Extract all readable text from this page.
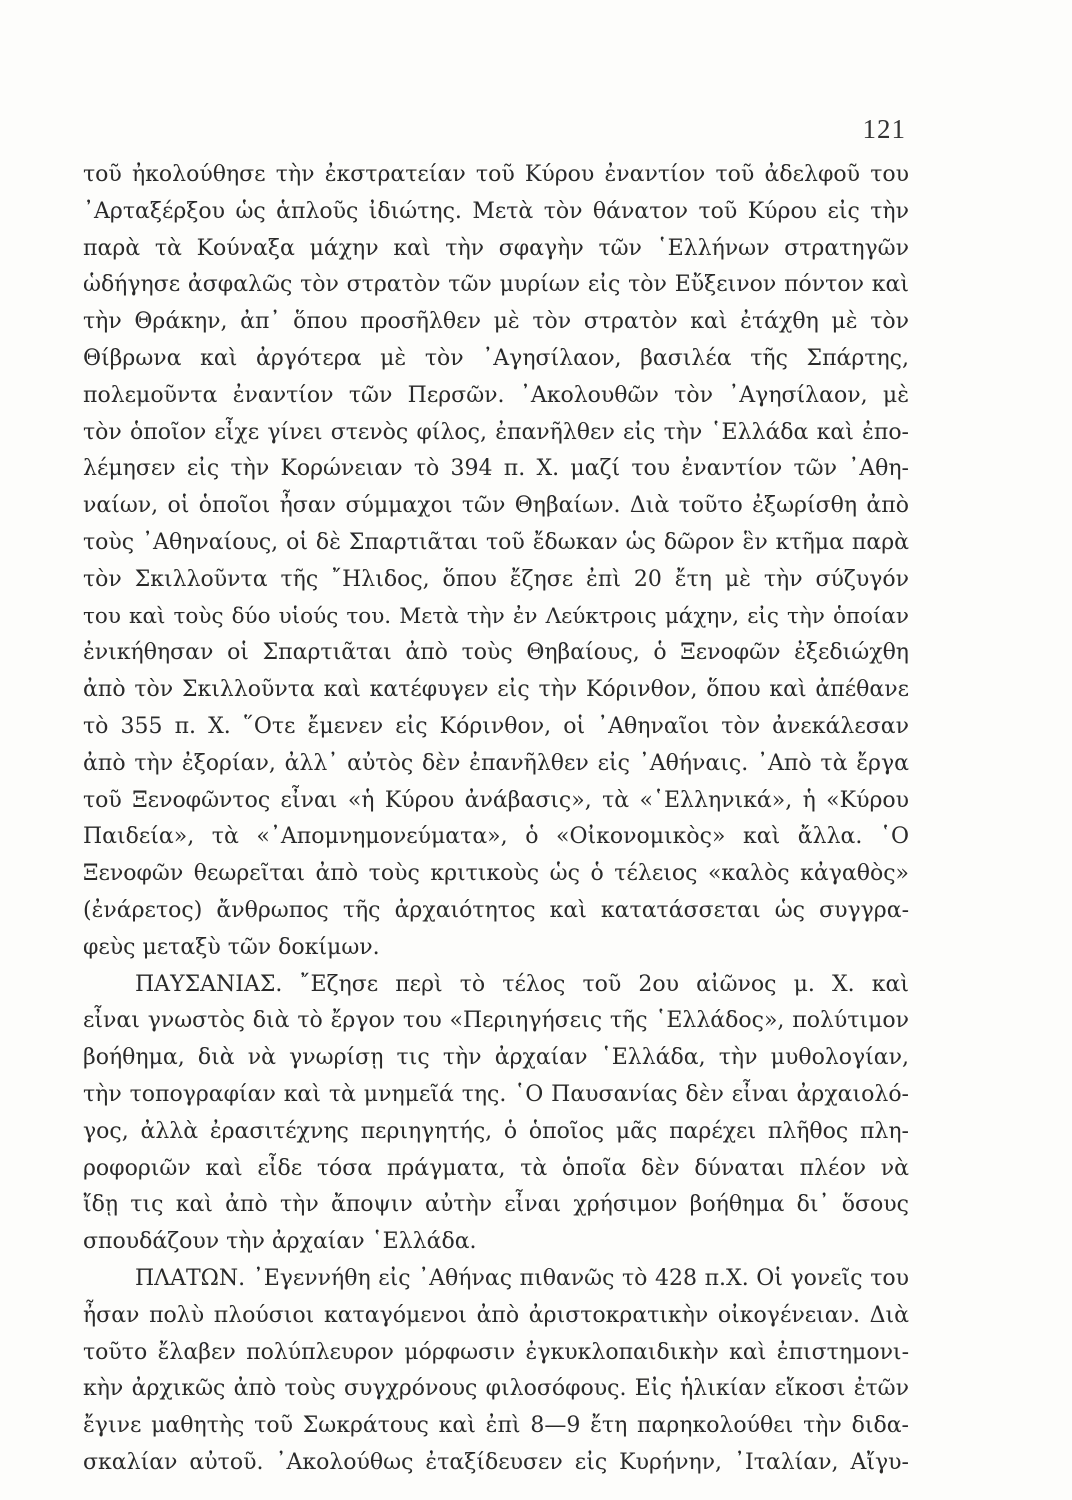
121
τοῦ ἠκολούθησε τὴν ἐκστρατείαν τοῦ Κύρου ἐναντίον τοῦ ἀδελφοῦ του
᾿Αρταξέρξου ὡς ἁπλοῦς ἰδιώτης. Μετὰ τὸν θάνατον τοῦ Κύρου εἰς τὴν
παρὰ τὰ Κούναξα μάχην καὶ τὴν σφαγὴν τῶν ῾Ελλήνων στρατηγῶν
ὡδήγησε ἀσφαλῶς τὸν στρατὸν τῶν μυρίων εἰς τὸν Εὔξεινον πόντον καὶ
τὴν Θράκην, ἀπ᾿ ὅπου προσῆλθεν μὲ τὸν στρατὸν καὶ ἐτάχθη μὲ τὸν
Θίβρωνα καὶ ἀργότερα μὲ τὸν ᾿Αγησίλαον, βασιλέα τῆς Σπάρτης,
πολεμοῦντα ἐναντίον τῶν Περσῶν. ᾿Ακολουθῶν τὸν ᾿Αγησίλαον, μὲ
τὸν ὁποῖον εἶχε γίνει στενὸς φίλος, ἐπανῆλθεν εἰς τὴν ῾Ελλάδα καὶ ἐπο-
λέμησεν εἰς τὴν Κορώνειαν τὸ 394 π. Χ. μαζί του ἐναντίον τῶν ᾿Αθη-
ναίων, οἱ ὁποῖοι ἦσαν σύμμαχοι τῶν Θηβαίων. Διὰ τοῦτο ἐξωρίσθη ἀπὸ
τοὺς ᾿Αθηναίους, οἱ δὲ Σπαρτιᾶται τοῦ ἔδωκαν ὡς δῶρον ἓν κτῆμα παρὰ
τὸν Σκιλλοῦντα τῆς ῎Ηλιδος, ὅπου ἔζησε ἐπὶ 20 ἔτη μὲ τὴν σύζυγόν
του καὶ τοὺς δύο υἱούς του. Μετὰ τὴν ἐν Λεύκτροις μάχην, εἰς τὴν ὁποίαν
ἐνικήθησαν οἱ Σπαρτιᾶται ἀπὸ τοὺς Θηβαίους, ὁ Ξενοφῶν ἐξεδιώχθη
ἀπὸ τὸν Σκιλλοῦντα καὶ κατέφυγεν εἰς τὴν Κόρινθον, ὅπου καὶ ἀπέθανε
τὸ 355 π. Χ. ῞Οτε ἔμενεν εἰς Κόρινθον, οἱ ᾿Αθηναῖοι τὸν ἀνεκάλεσαν
ἀπὸ τὴν ἐξορίαν, ἀλλ᾿ αὐτὸς δὲν ἐπανῆλθεν εἰς ᾿Αθήναις. ᾿Απὸ τὰ ἔργα
τοῦ Ξενοφῶντος εἶναι «ἡ Κύρου ἀνάβασις», τὰ «῾Ελληνικά», ἡ «Κύρου
Παιδεία», τὰ «᾿Απομνημονεύματα», ὁ «Οἰκονομικὸς» καὶ ἄλλα. ῾Ο
Ξενοφῶν θεωρεῖται ἀπὸ τοὺς κριτικοὺς ὡς ὁ τέλειος «καλὸς κἀγαθὸς»
(ἐνάρετος) ἄνθρωπος τῆς ἀρχαιότητος καὶ κατατάσσεται ὡς συγγρα-
φεὺς μεταξὺ τῶν δοκίμων.
ΠΑΥΣΑΝΙΑΣ. ῎Εζησε περὶ τὸ τέλος τοῦ 2ου αἰῶνος μ. Χ. καὶ
εἶναι γνωστὸς διὰ τὸ ἔργον του «Περιηγήσεις τῆς ῾Ελλάδος», πολύτιμον
βοήθημα, διὰ νὰ γνωρίσῃ τις τὴν ἀρχαίαν ῾Ελλάδα, τὴν μυθολογίαν,
τὴν τοπογραφίαν καὶ τὰ μνημεῖά της. ῾Ο Παυσανίας δὲν εἶναι ἀρχαιολό-
γος, ἀλλὰ ἐρασιτέχνης περιηγητής, ὁ ὁποῖος μᾶς παρέχει πλῆθος πλη-
ροφοριῶν καὶ εἶδε τόσα πράγματα, τὰ ὁποῖα δὲν δύναται πλέον νὰ
ἴδῃ τις καὶ ἀπὸ τὴν ἄποψιν αὐτὴν εἶναι χρήσιμον βοήθημα δι᾿ ὅσους
σπουδάζουν τὴν ἀρχαίαν ῾Ελλάδα.
ΠΛΑΤΩΝ. ᾿Εγεννήθη εἰς ᾿Αθήνας πιθανῶς τὸ 428 π.Χ. Οἱ γονεῖς του
ἦσαν πολὺ πλούσιοι καταγόμενοι ἀπὸ ἀριστοκρατικὴν οἰκογένειαν. Διὰ
τοῦτο ἔλαβεν πολύπλευρον μόρφωσιν ἐγκυκλοπαιδικὴν καὶ ἐπιστημονι-
κὴν ἀρχικῶς ἀπὸ τοὺς συγχρόνους φιλοσόφους. Εἰς ἡλικίαν εἴκοσι ἐτῶν
ἔγινε μαθητὴς τοῦ Σωκράτους καὶ ἐπὶ 8—9 ἔτη παρηκολούθει τὴν διδα-
σκαλίαν αὐτοῦ. ᾿Ακολούθως ἐταξίδευσεν εἰς Κυρήνην, ᾿Ιταλίαν, Αἴγυ-
